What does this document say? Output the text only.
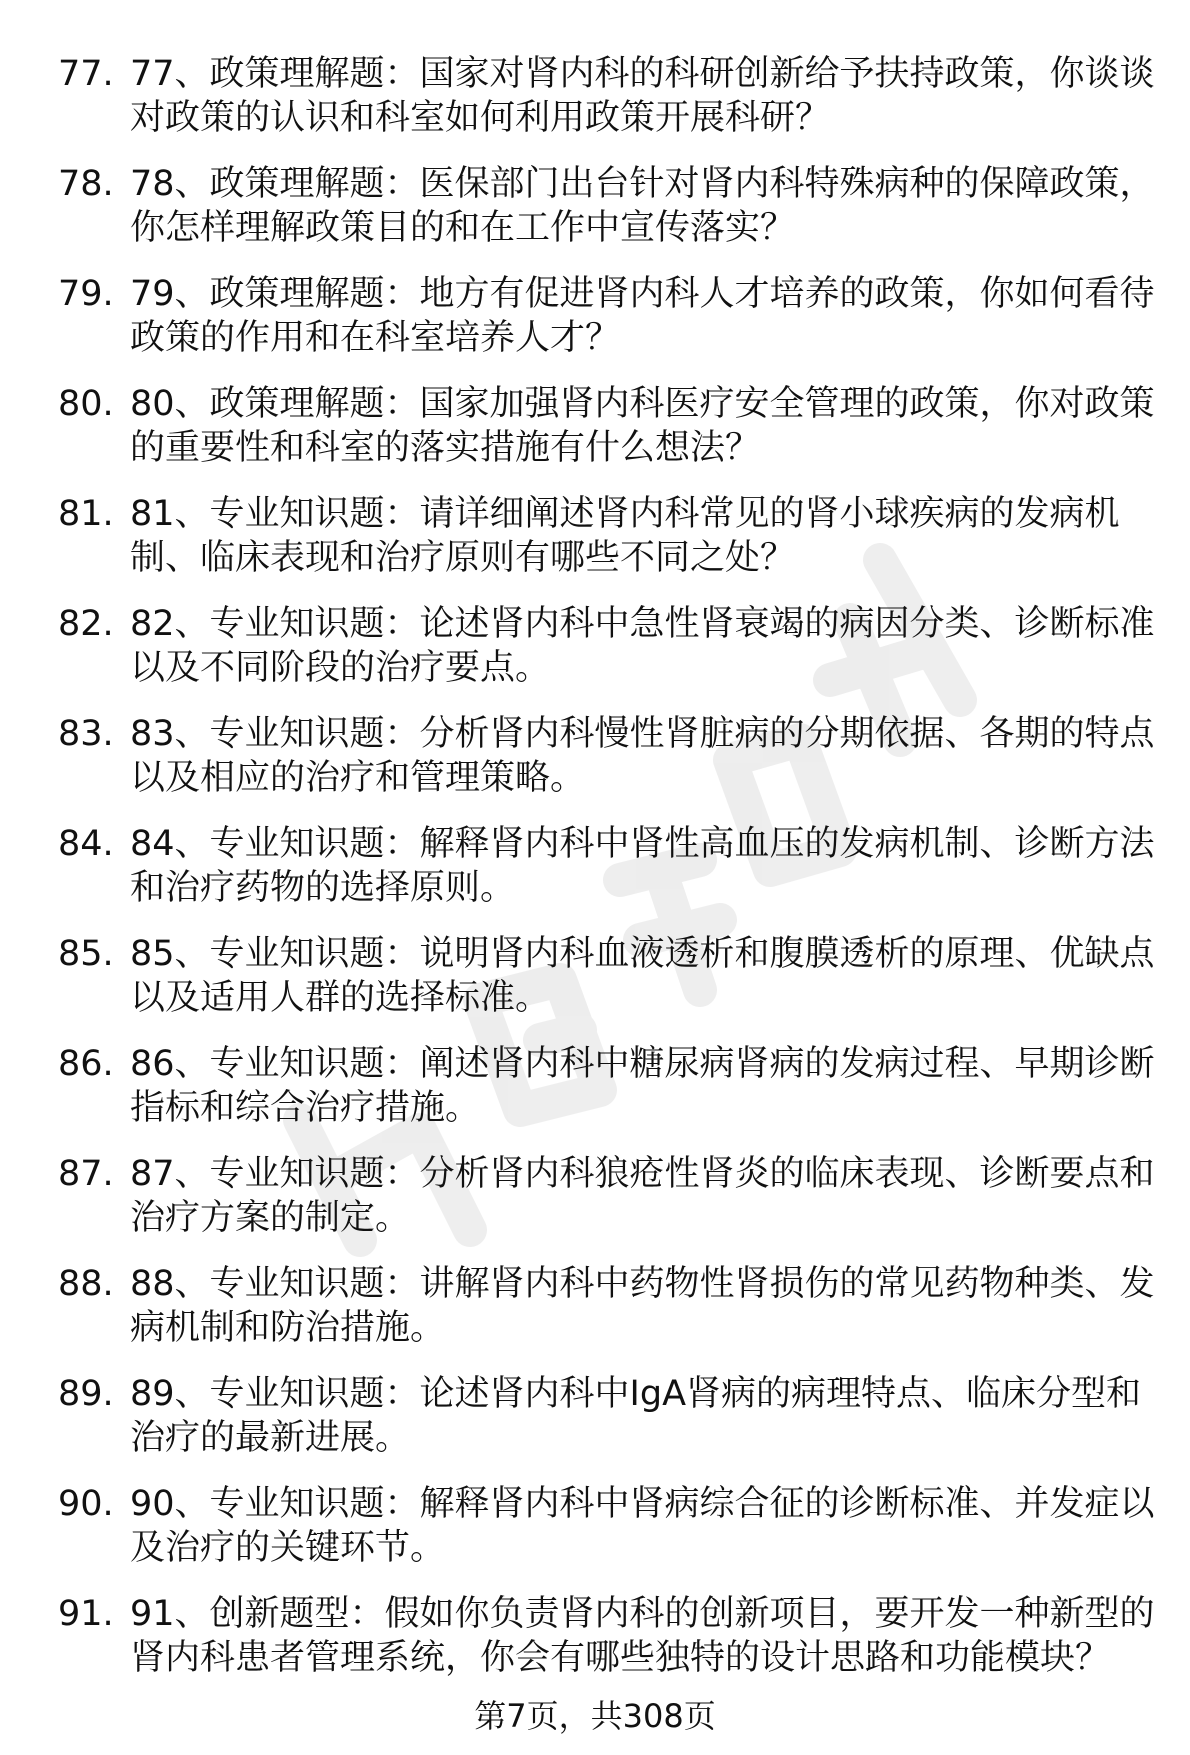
77. 77、政策理解题：国家对肾内科的科研创新给予扶持政策，你谈谈对政策的认识和科室如何利用政策开展科研？
78. 78、政策理解题：医保部门出台针对肾内科特殊病种的保障政策，你怎样理解政策目的和在工作中宣传落实？
79. 79、政策理解题：地方有促进肾内科人才培养的政策，你如何看待政策的作用和在科室培养人才？
80. 80、政策理解题：国家加强肾内科医疗安全管理的政策，你对政策的重要性和科室的落实措施有什么想法？
81. 81、专业知识题：请详细阐述肾内科常见的肾小球疾病的发病机制、临床表现和治疗原则有哪些不同之处？
82. 82、专业知识题：论述肾内科中急性肾衰竭的病因分类、诊断标准以及不同阶段的治疗要点。
83. 83、专业知识题：分析肾内科慢性肾脏病的分期依据、各期的特点以及相应的治疗和管理策略。
84. 84、专业知识题：解释肾内科中肾性高血压的发病机制、诊断方法和治疗药物的选择原则。
85. 85、专业知识题：说明肾内科血液透析和腹膜透析的原理、优缺点以及适用人群的选择标准。
86. 86、专业知识题：阐述肾内科中糖尿病肾病的发病过程、早期诊断指标和综合治疗措施。
87. 87、专业知识题：分析肾内科狼疮性肾炎的临床表现、诊断要点和治疗方案的制定。
88. 88、专业知识题：讲解肾内科中药物性肾损伤的常见药物种类、发病机制和防治措施。
89. 89、专业知识题：论述肾内科中IgA肾病的病理特点、临床分型和治疗的最新进展。
90. 90、专业知识题：解释肾内科中肾病综合征的诊断标准、并发症以及治疗的关键环节。
91. 91、创新题型：假如你负责肾内科的创新项目，要开发一种新型的肾内科患者管理系统，你会有哪些独特的设计思路和功能模块？
第7页，共308页
